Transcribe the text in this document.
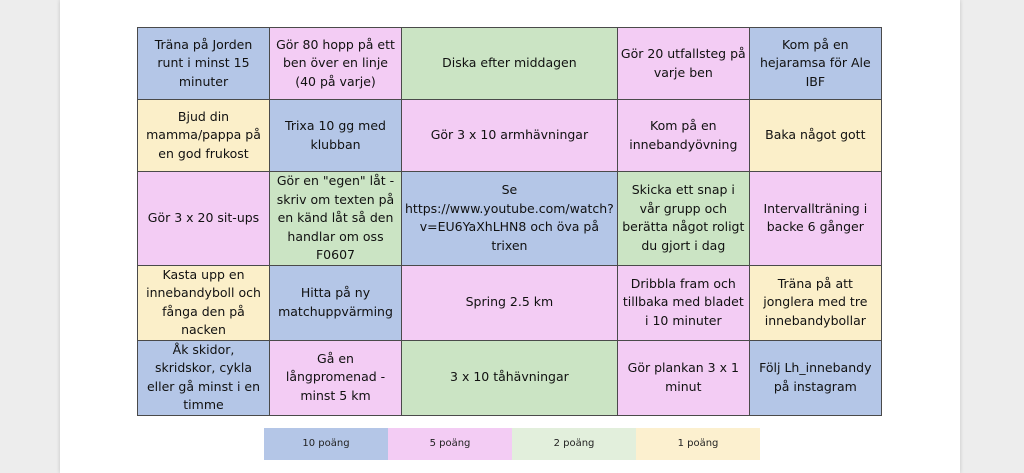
Träna på Jorden runt i minst 15 minuter	Gör 80 hopp på ett ben över en linje (40 på varje)	Diska efter middagen	Gör 20 utfallsteg på varje ben	Kom på en hejaramsa för Ale IBF
Bjud din mamma/pappa på en god frukost	Trixa 10 gg med klubban	Gör 3 x 10 armhävningar	Kom på en innebandyövning	Baka något gott
Gör 3 x 20 sit-ups	Gör en "egen" låt - skriv om texten på en känd låt så den handlar om oss F0607	Se https://www.youtube.com/watch?v=EU6YaXhLHN8 och öva på trixen	Skicka ett snap i vår grupp och berätta något roligt du gjort i dag	Intervallträning i backe 6 gånger
Kasta upp en innebandyboll och fånga den på nacken	Hitta på ny matchuppvärming	Spring 2.5 km	Dribbla fram och tillbaka med bladet i 10 minuter	Träna på att jonglera med tre innebandybollar
Åk skidor, skridskor, cykla eller gå minst i en timme	Gå en långpromenad - minst 5 km	3 x 10 tåhävningar	Gör plankan 3 x 1 minut	Följ Lh_innebandy på instagram
10 poäng	5 poäng	2 poäng	1 poäng
